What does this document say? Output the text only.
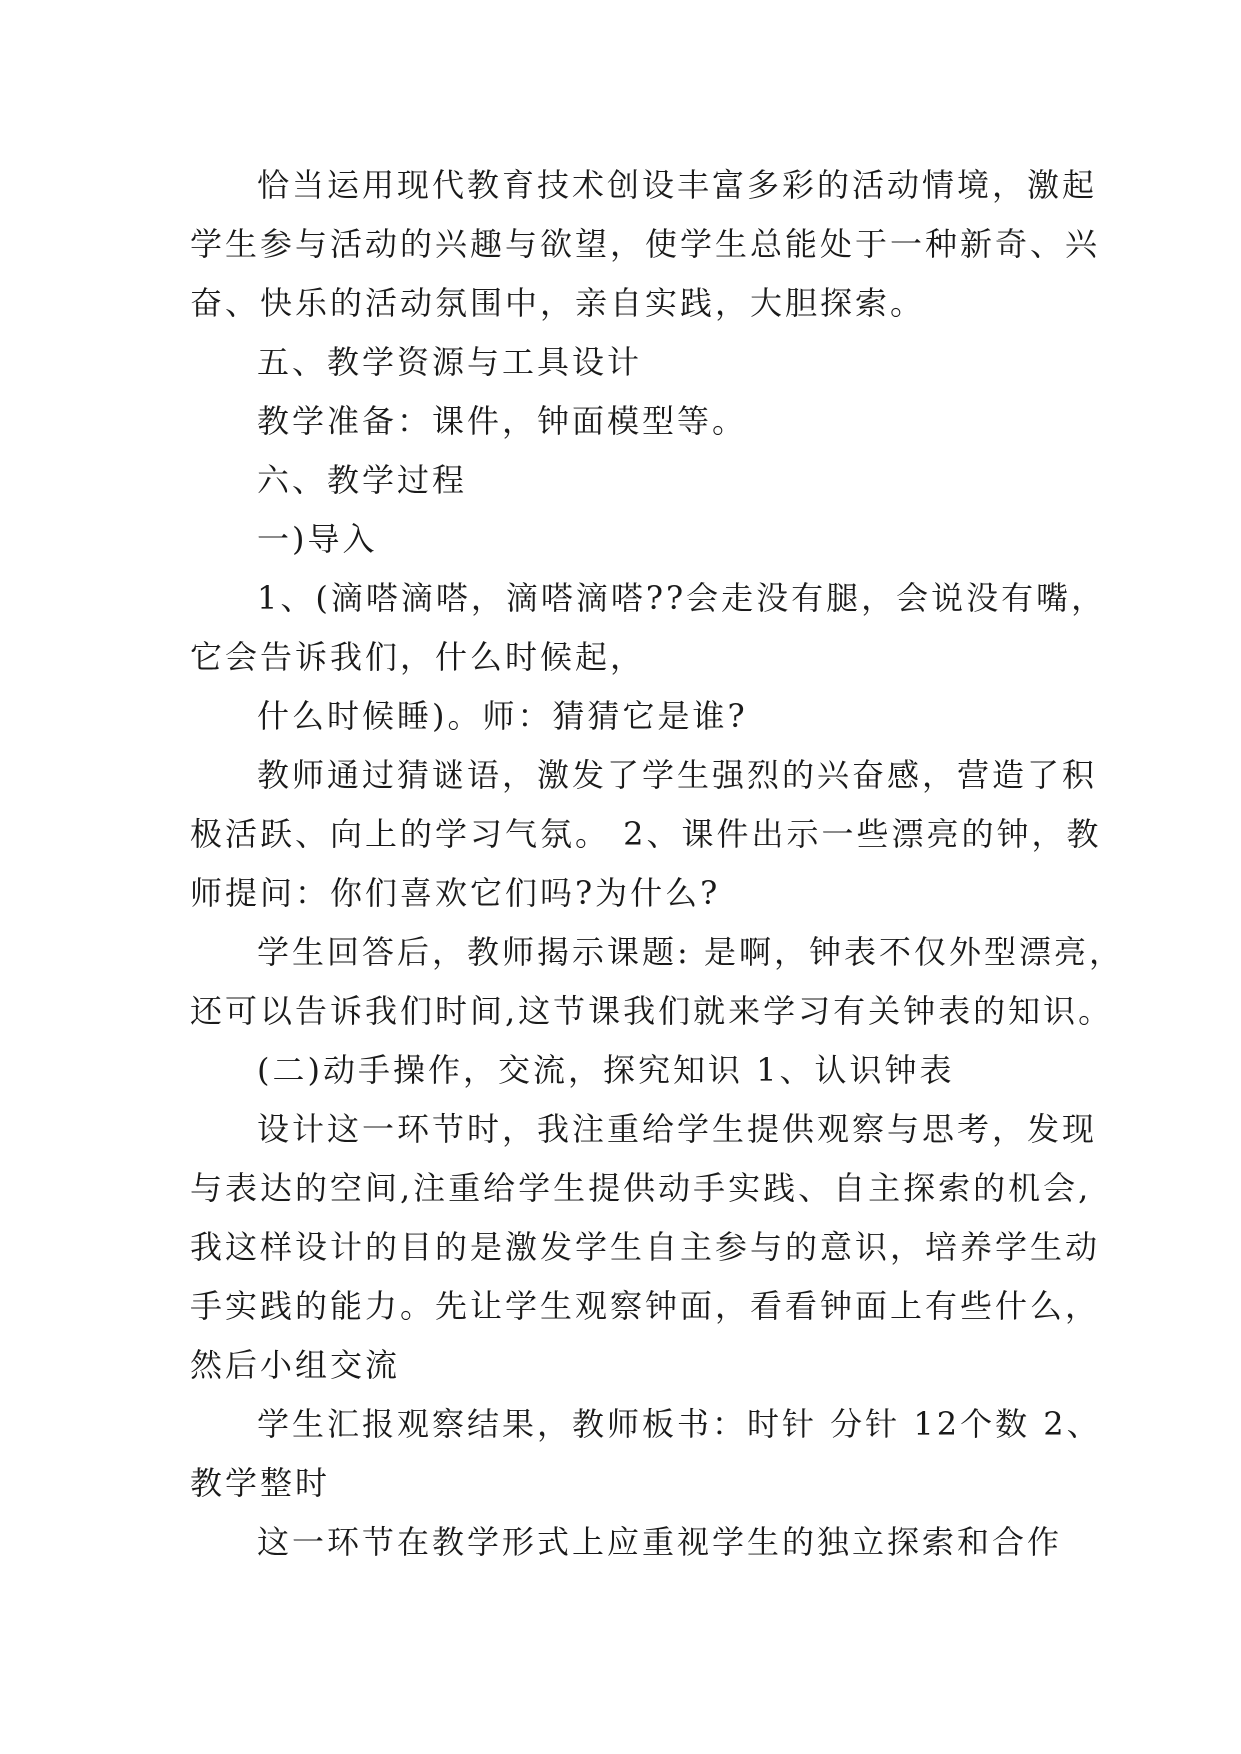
恰当运用现代教育技术创设丰富多彩的活动情境，激起
学生参与活动的兴趣与欲望，使学生总能处于一种新奇、兴
奋、快乐的活动氛围中，亲自实践，大胆探索。
五、教学资源与工具设计
教学准备：课件，钟面模型等。
六、教学过程
一)导入
1、(滴嗒滴嗒，滴嗒滴嗒??会走没有腿，会说没有嘴，
它会告诉我们，什么时候起，
什么时候睡)。师：猜猜它是谁?
教师通过猜谜语，激发了学生强烈的兴奋感，营造了积
极活跃、向上的学习气氛。 2、课件出示一些漂亮的钟，教
师提问：你们喜欢它们吗?为什么?
学生回答后，教师揭示课题: 是啊，钟表不仅外型漂亮，
还可以告诉我们时间,这节课我们就来学习有关钟表的知识。
(二)动手操作，交流，探究知识 1、认识钟表
设计这一环节时，我注重给学生提供观察与思考，发现
与表达的空间,注重给学生提供动手实践、自主探索的机会,
我这样设计的目的是激发学生自主参与的意识，培养学生动
手实践的能力。先让学生观察钟面，看看钟面上有些什么，
然后小组交流
学生汇报观察结果，教师板书：时针 分针 12个数 2、
教学整时
这一环节在教学形式上应重视学生的独立探索和合作
